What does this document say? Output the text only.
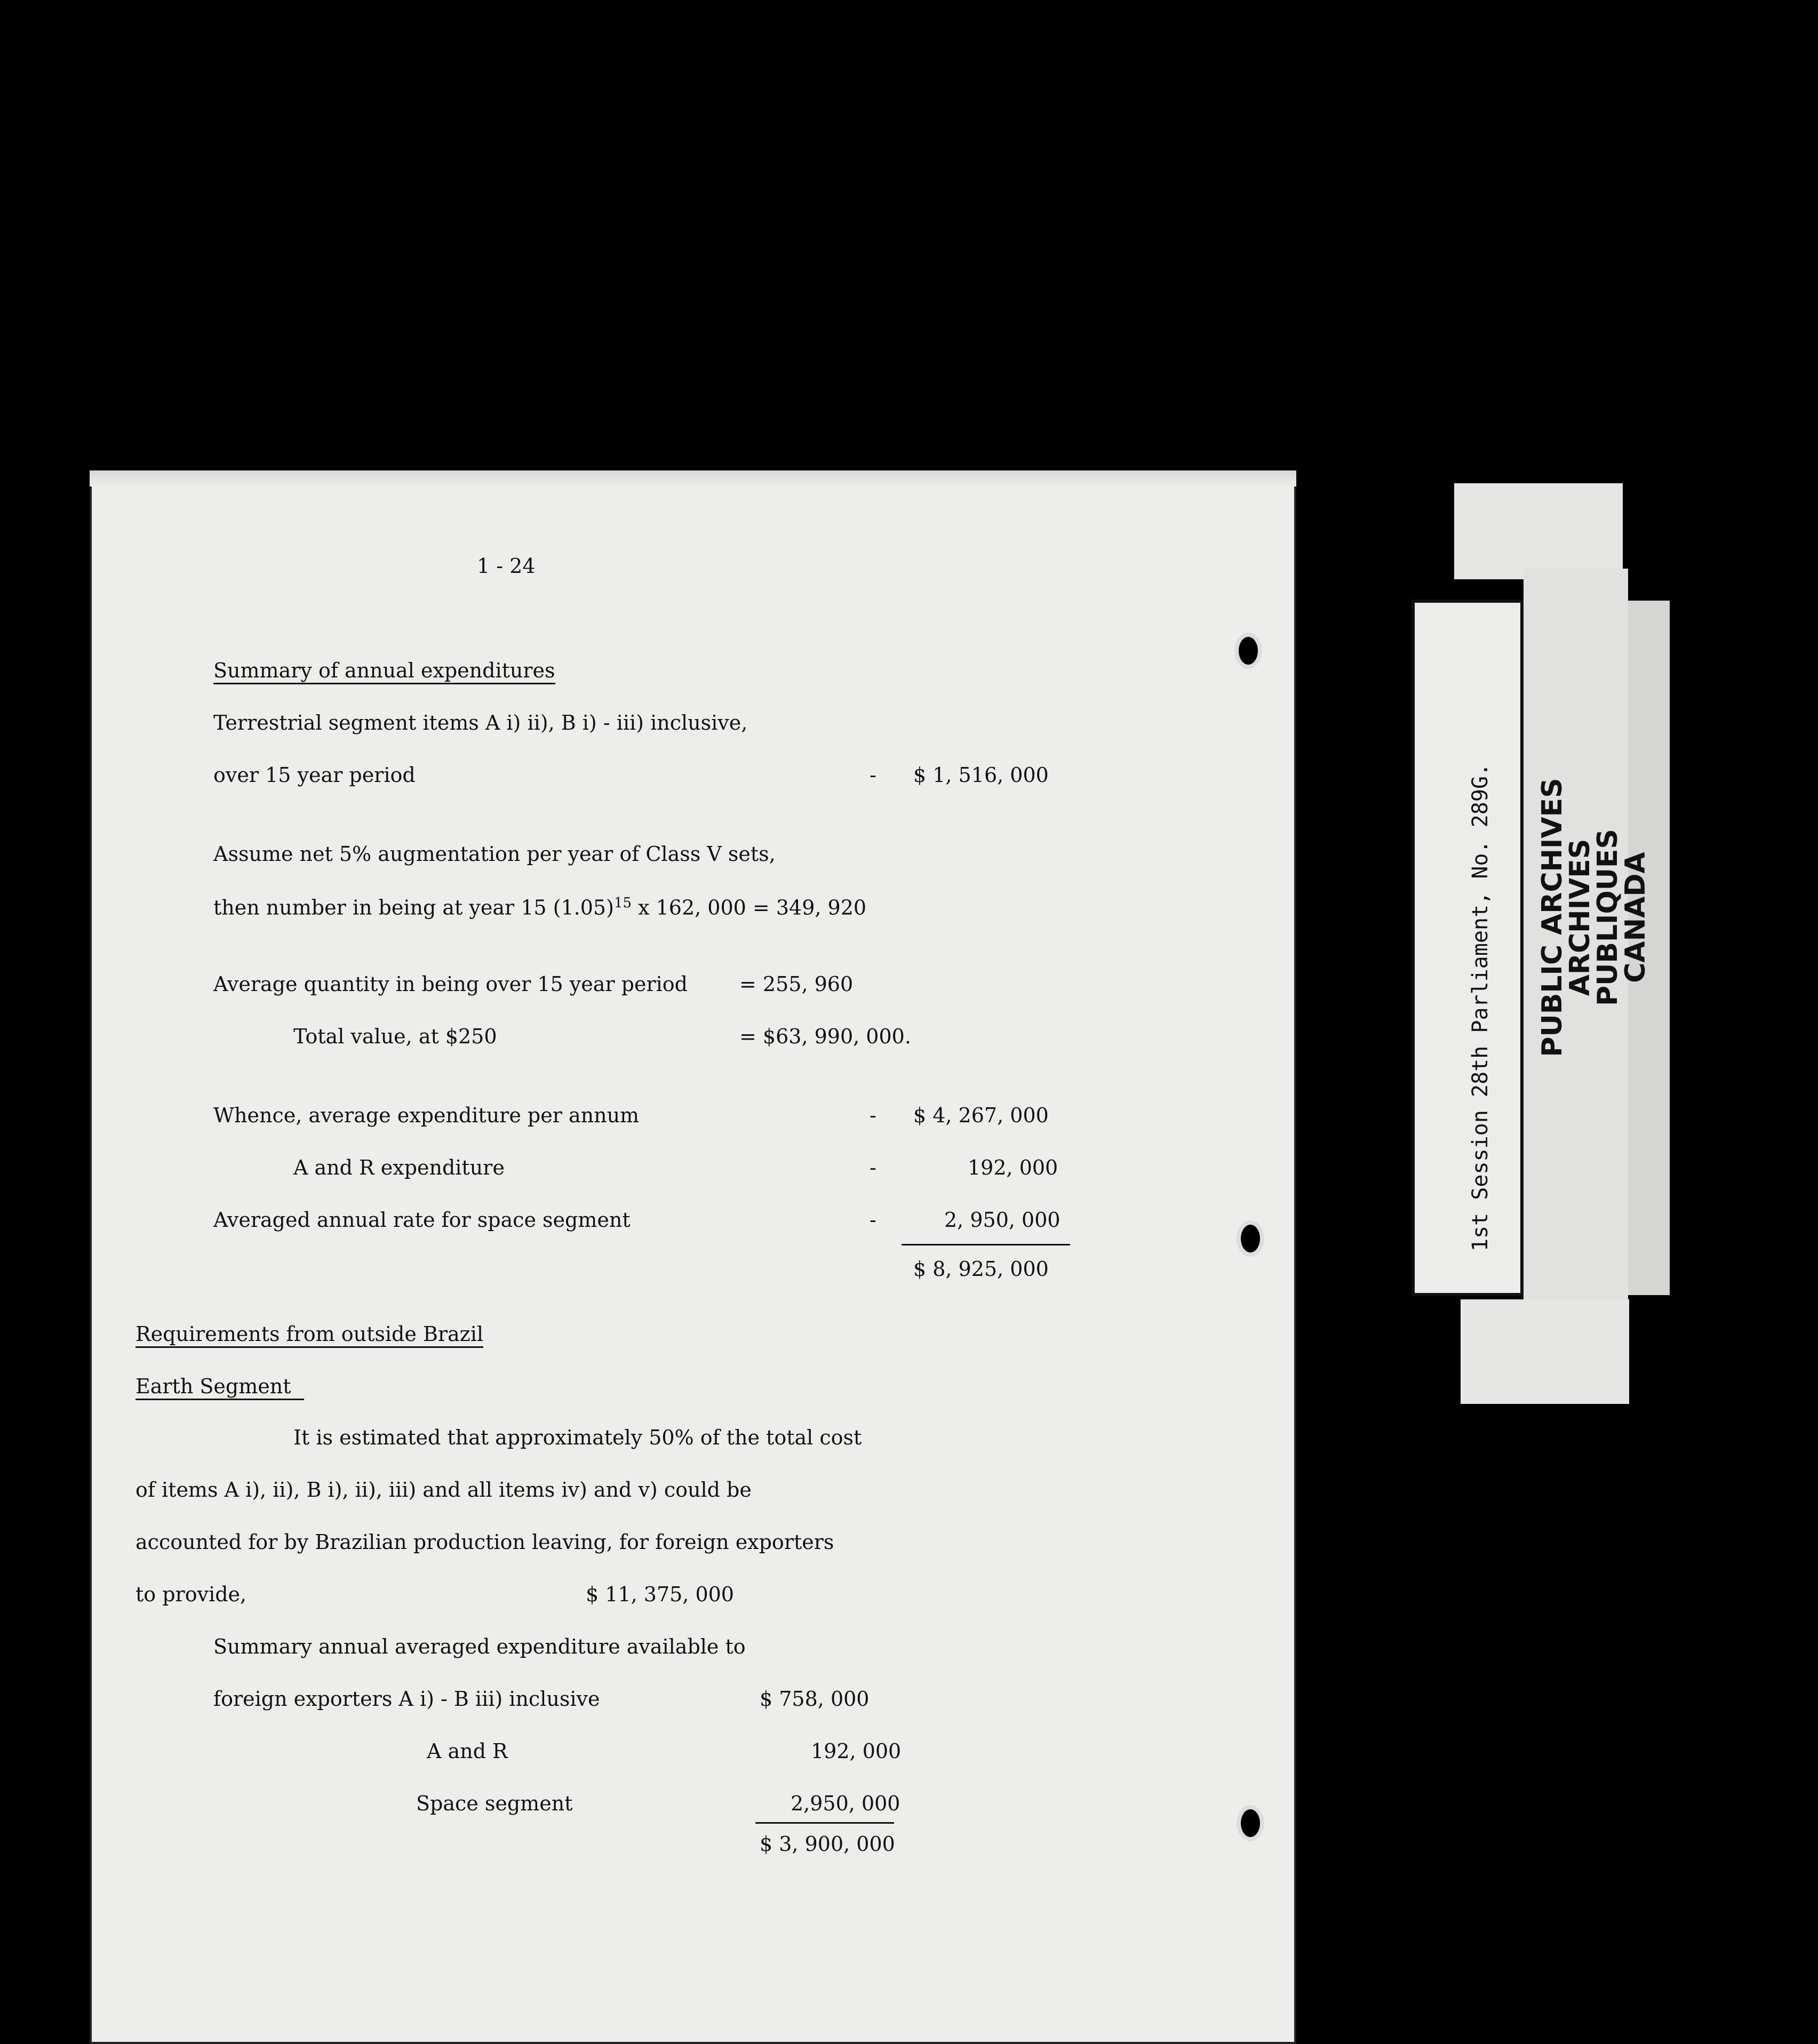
1 - 24
Summary of annual expenditures
Terrestrial segment items A i) ii), B i) - iii) inclusive,
over 15 year period	- $ 1, 516, 000
Assume net 5% augmentation per year of Class V sets,
then number in being at year 15 $(1.05)^{15}$ x 162, 000 = 349, 920
Average quantity in being over 15 year period	= 255, 960
Total value, at $250	= $63, 990, 000.
Whence, average expenditure per annum	- $ 4, 267, 000
A and R expenditure	-	192, 000
Averaged annual rate for space segment	-	2, 950, 000
$ 8, 925, 000
Requirements from outside Brazil
Earth Segment
It is estimated that approximately 50% of the total cost
of items A i), ii), B i), ii), iii) and all items iv) and v) could be
accounted for by Brazilian production leaving, for foreign exporters
to provide,	$ 11, 375, 000
Summary annual averaged expenditure available to
foreign exporters A i) - B iii) inclusive	$ 758, 000
A and R	192, 000
Space segment	2,950, 000
$ 3, 900, 000
1st Session 28th Parliament, No. 289G. PUBLIC ARCHIVES
ARCHIVES PUBLIQUES
CANADA
